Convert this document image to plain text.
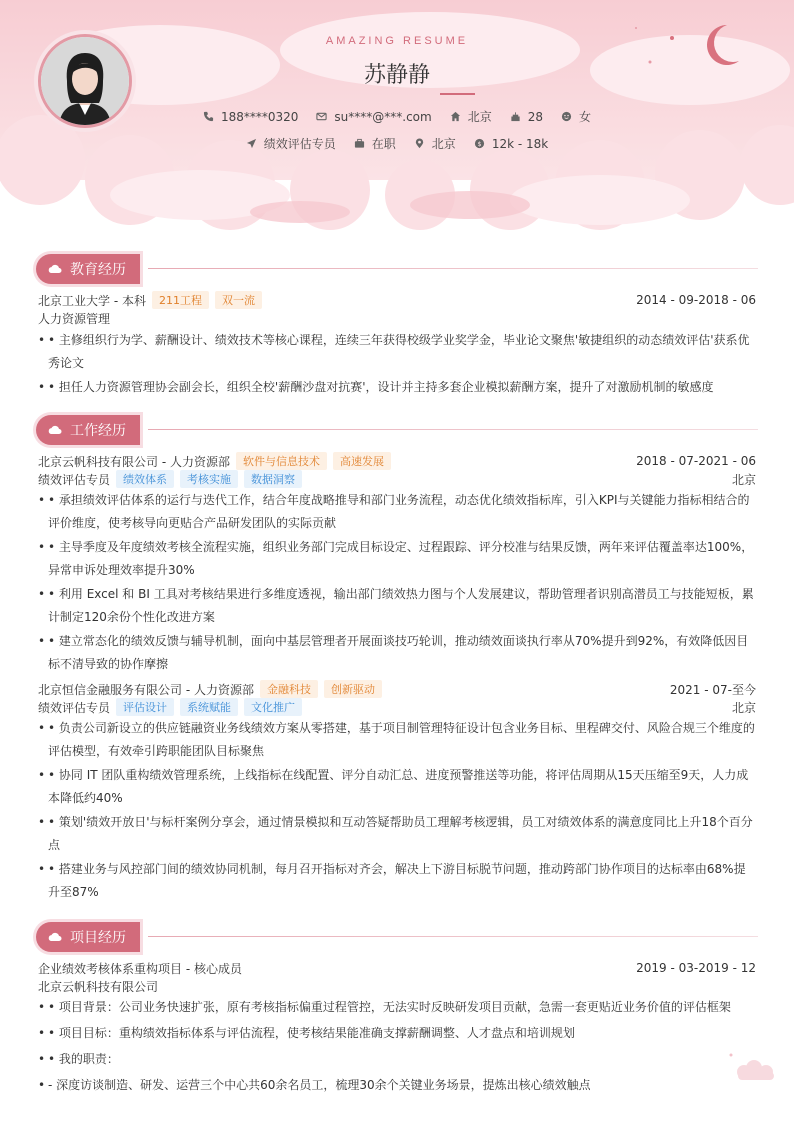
AMAZING RESUME
苏静静
188****0320	su****@***.com	北京	28	女
绩效评估专员	在职	北京	$ 12k - 18k
教育经历
北京工业大学 - 本科	211工程	双一流	2014 - 09-2018 - 06
人力资源管理
• • 主修组织行为学、薪酬设计、绩效技术等核心课程，连续三年获得校级学业奖学金，毕业论文聚焦'敏捷组织的动态绩效评估'获系优秀论文
• • 担任人力资源管理协会副会长，组织全校'薪酬沙盘对抗赛'，设计并主持多套企业模拟薪酬方案，提升了对激励机制的敏感度
工作经历
北京云帆科技有限公司 - 人力资源部	软件与信息技术	高速发展	2018 - 07-2021 - 06
绩效评估专员	绩效体系	考核实施	数据洞察	北京
• • 承担绩效评估体系的运行与迭代工作，结合年度战略推导和部门业务流程，动态优化绩效指标库，引入KPI与关键能力指标相结合的评价维度，使考核导向更贴合产品研发团队的实际贡献
• • 主导季度及年度绩效考核全流程实施，组织业务部门完成目标设定、过程跟踪、评分校准与结果反馈，两年来评估覆盖率达100%，异常申诉处理效率提升30%
• • 利用 Excel 和 BI 工具对考核结果进行多维度透视，输出部门绩效热力图与个人发展建议，帮助管理者识别高潜员工与技能短板，累计制定120余份个性化改进方案
• • 建立常态化的绩效反馈与辅导机制，面向中基层管理者开展面谈技巧轮训，推动绩效面谈执行率从70%提升到92%，有效降低因目标不清导致的协作摩擦
北京恒信金融服务有限公司 - 人力资源部	金融科技	创新驱动	2021 - 07-至今
绩效评估专员	评估设计	系统赋能	文化推广	北京
• • 负责公司新设立的供应链融资业务线绩效方案从零搭建，基于项目制管理特征设计包含业务目标、里程碑交付、风险合规三个维度的评估模型，有效牵引跨职能团队目标聚焦
• • 协同 IT 团队重构绩效管理系统，上线指标在线配置、评分自动汇总、进度预警推送等功能，将评估周期从15天压缩至9天，人力成本降低约40%
• • 策划'绩效开放日'与标杆案例分享会，通过情景模拟和互动答疑帮助员工理解考核逻辑，员工对绩效体系的满意度同比上升18个百分点
• • 搭建业务与风控部门间的绩效协同机制，每月召开指标对齐会，解决上下游目标脱节问题，推动跨部门协作项目的达标率由68%提升至87%
项目经历
企业绩效考核体系重构项目 - 核心成员	2019 - 03-2019 - 12
北京云帆科技有限公司
• • 项目背景：公司业务快速扩张，原有考核指标偏重过程管控，无法实时反映研发项目贡献，急需一套更贴近业务价值的评估框架
• • 项目目标：重构绩效指标体系与评估流程，使考核结果能准确支撑薪酬调整、人才盘点和培训规划
• • 我的职责：
• - 深度访谈制造、研发、运营三个中心共60余名员工，梳理30余个关键业务场景，提炼出核心绩效触点
